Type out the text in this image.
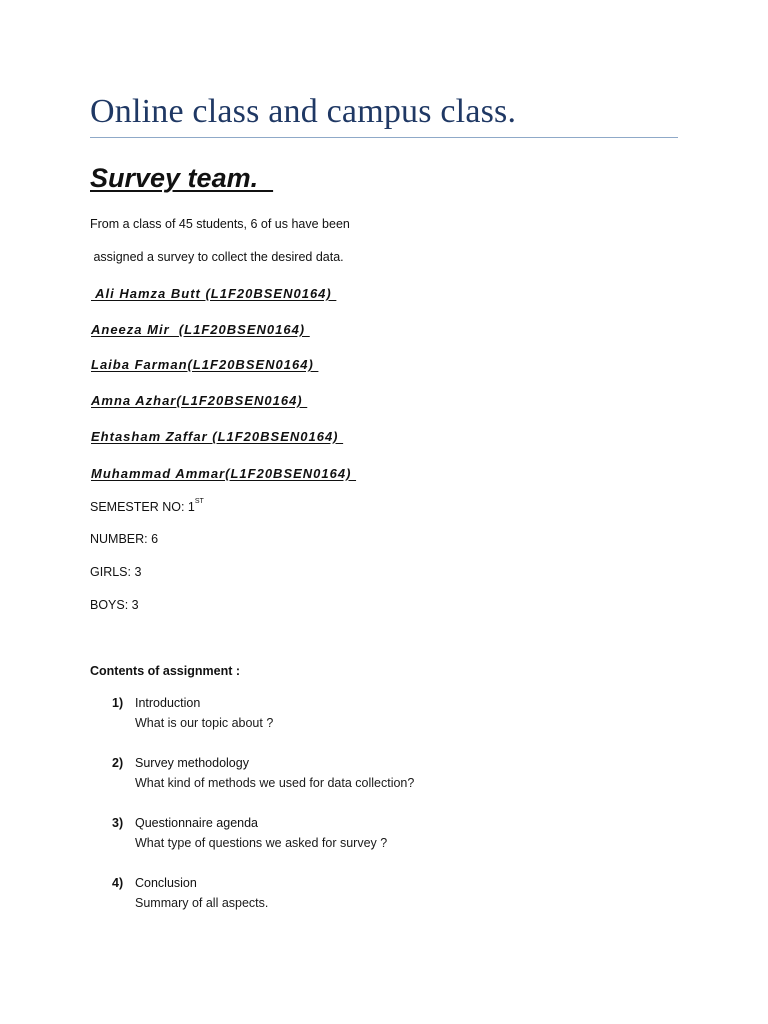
Online class and campus class.
Survey team.
From a class of 45 students, 6 of us have been
assigned a survey to collect the desired data.
Ali Hamza Butt (L1F20BSEN0164)
Aneeza Mir  (L1F20BSEN0164)
Laiba Farman(L1F20BSEN0164)
Amna Azhar(L1F20BSEN0164)
Ehtasham Zaffar (L1F20BSEN0164)
Muhammad Ammar(L1F20BSEN0164)
SEMESTER NO: 1ST
NUMBER: 6
GIRLS: 3
BOYS: 3
Contents of assignment :
1) Introduction
What is our topic about ?
2) Survey methodology
What kind of methods we used for data collection?
3) Questionnaire agenda
What type of questions we asked for survey ?
4) Conclusion
Summary of all aspects.
